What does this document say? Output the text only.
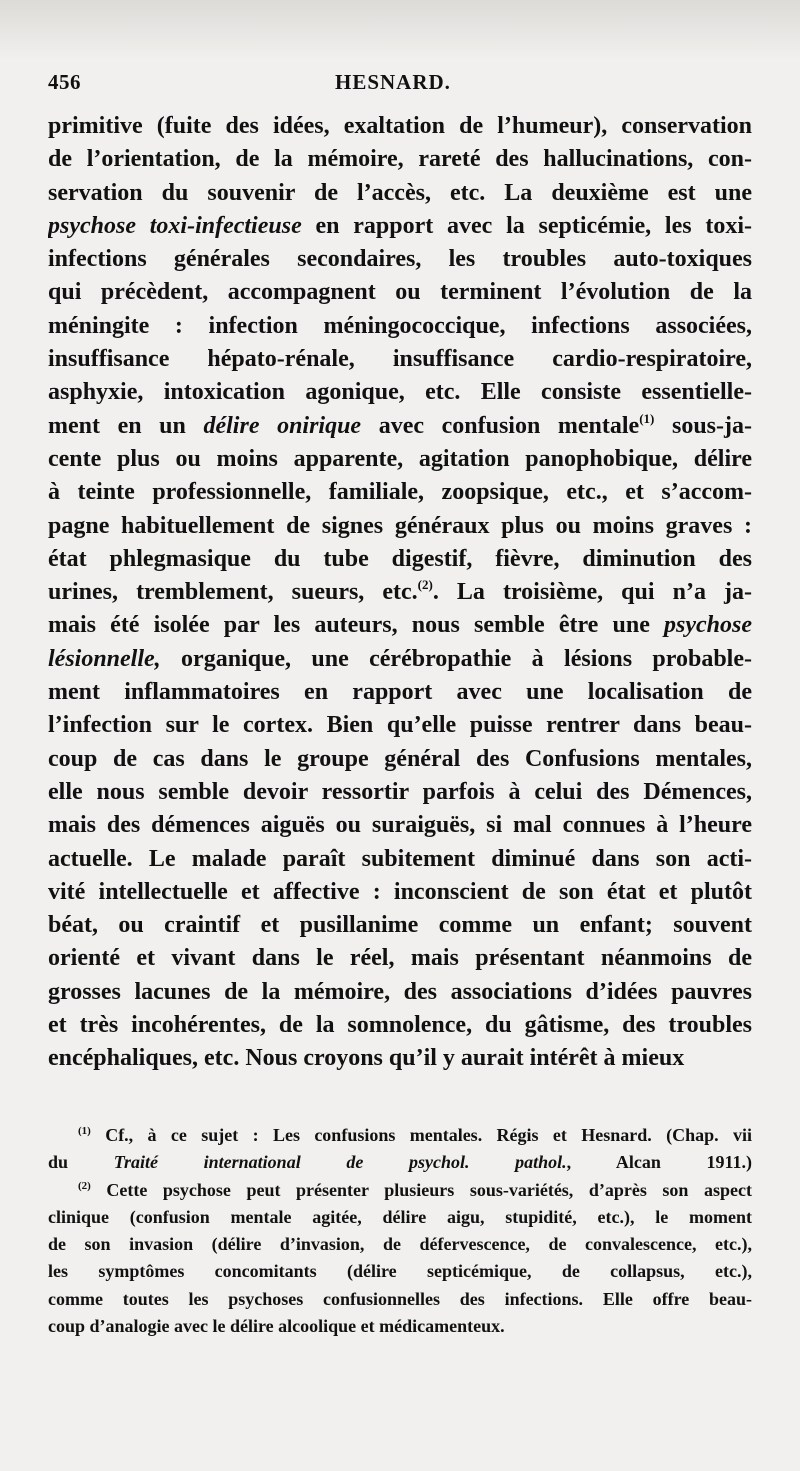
456	HESNARD.
primitive (fuite des idées, exaltation de l’humeur), conservation
de l’orientation, de la mémoire, rareté des hallucinations, con-
servation du souvenir de l’accès, etc. La deuxième est une
psychose toxi-infectieuse en rapport avec la septicémie, les toxi-
infections générales secondaires, les troubles auto-toxiques
qui précèdent, accompagnent ou terminent l’évolution de la
méningite : infection méningococcique, infections associées,
insuffisance hépato-rénale, insuffisance cardio-respiratoire,
asphyxie, intoxication agonique, etc. Elle consiste essentielle-
ment en un délire onirique avec confusion mentale$^{(1)}$ sous-ja-
cente plus ou moins apparente, agitation panophobique, délire
à teinte professionnelle, familiale, zoopsique, etc., et s’accom-
pagne habituellement de signes généraux plus ou moins graves :
état phlegmasique du tube digestif, fièvre, diminution des
urines, tremblement, sueurs, etc.$^{(2)}$. La troisième, qui n’a ja-
mais été isolée par les auteurs, nous semble être une psychose
lésionnelle, organique, une cérébropathie à lésions probable-
ment inflammatoires en rapport avec une localisation de
l’infection sur le cortex. Bien qu’elle puisse rentrer dans beau-
coup de cas dans le groupe général des Confusions mentales,
elle nous semble devoir ressortir parfois à celui des Démences,
mais des démences aiguës ou suraiguës, si mal connues à l’heure
actuelle. Le malade paraît subitement diminué dans son acti-
vité intellectuelle et affective : inconscient de son état et plutôt
béat, ou craintif et pusillanime comme un enfant; souvent
orienté et vivant dans le réel, mais présentant néanmoins de
grosses lacunes de la mémoire, des associations d’idées pauvres
et très incohérentes, de la somnolence, du gâtisme, des troubles
encéphaliques, etc. Nous croyons qu’il y aurait intérêt à mieux
$^{(1)}$ Cf., à ce sujet : Les confusions mentales. Régis et Hesnard. (Chap. vii
du Traité international de psychol. pathol., Alcan 1911.)
$^{(2)}$ Cette psychose peut présenter plusieurs sous-variétés, d’après son aspect
clinique (confusion mentale agitée, délire aigu, stupidité, etc.), le moment
de son invasion (délire d’invasion, de défervescence, de convalescence, etc.),
les symptômes concomitants (délire septicémique, de collapsus, etc.),
comme toutes les psychoses confusionnelles des infections. Elle offre beau-
coup d’analogie avec le délire alcoolique et médicamenteux.
